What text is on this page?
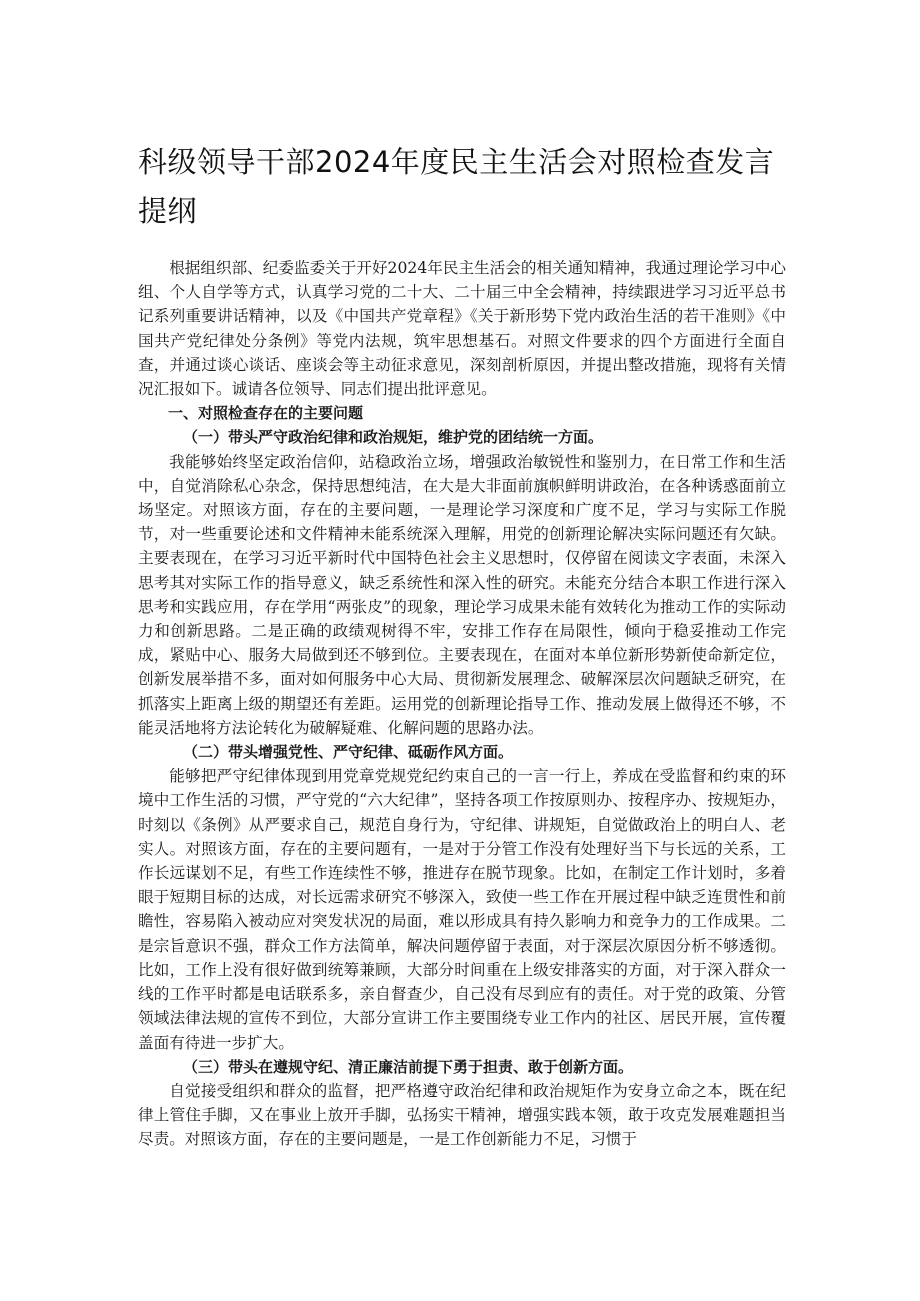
科级领导干部2024年度民主生活会对照检查发言提纲

根据组织部、纪委监委关于开好2024年民主生活会的相关通知精神，我通过理论学习中心组、个人自学等方式，认真学习党的二十大、二十届三中全会精神，持续跟进学习习近平总书记系列重要讲话精神，以及《中国共产党章程》《关于新形势下党内政治生活的若干准则》《中国共产党纪律处分条例》等党内法规，筑牢思想基石。对照文件要求的四个方面进行全面自查，并通过谈心谈话、座谈会等主动征求意见，深刻剖析原因，并提出整改措施，现将有关情况汇报如下。诚请各位领导、同志们提出批评意见。

一、对照检查存在的主要问题

（一）带头严守政治纪律和政治规矩，维护党的团结统一方面。

我能够始终坚定政治信仰，站稳政治立场，增强政治敏锐性和鉴别力，在日常工作和生活中，自觉消除私心杂念，保持思想纯洁，在大是大非面前旗帜鲜明讲政治，在各种诱惑面前立场坚定。对照该方面，存在的主要问题，一是理论学习深度和广度不足，学习与实际工作脱节，对一些重要论述和文件精神未能系统深入理解，用党的创新理论解决实际问题还有欠缺。主要表现在，在学习习近平新时代中国特色社会主义思想时，仅停留在阅读文字表面，未深入思考其对实际工作的指导意义，缺乏系统性和深入性的研究。未能充分结合本职工作进行深入思考和实践应用，存在学用“两张皮”的现象，理论学习成果未能有效转化为推动工作的实际动力和创新思路。二是正确的政绩观树得不牢，安排工作存在局限性，倾向于稳妥推动工作完成，紧贴中心、服务大局做到还不够到位。主要表现在，在面对本单位新形势新使命新定位，创新发展举措不多，面对如何服务中心大局、贯彻新发展理念、破解深层次问题缺乏研究，在抓落实上距离上级的期望还有差距。运用党的创新理论指导工作、推动发展上做得还不够，不能灵活地将方法论转化为破解疑难、化解问题的思路办法。

（二）带头增强党性、严守纪律、砥砺作风方面。

能够把严守纪律体现到用党章党规党纪约束自己的一言一行上，养成在受监督和约束的环境中工作生活的习惯，严守党的“六大纪律”，坚持各项工作按原则办、按程序办、按规矩办，时刻以《条例》从严要求自己，规范自身行为，守纪律、讲规矩，自觉做政治上的明白人、老实人。对照该方面，存在的主要问题有，一是对于分管工作没有处理好当下与长远的关系，工作长远谋划不足，有些工作连续性不够，推进存在脱节现象。比如，在制定工作计划时，多着眼于短期目标的达成，对长远需求研究不够深入，致使一些工作在开展过程中缺乏连贯性和前瞻性，容易陷入被动应对突发状况的局面，难以形成具有持久影响力和竞争力的工作成果。二是宗旨意识不强，群众工作方法简单，解决问题停留于表面，对于深层次原因分析不够透彻。比如，工作上没有很好做到统筹兼顾，大部分时间重在上级安排落实的方面，对于深入群众一线的工作平时都是电话联系多，亲自督查少，自己没有尽到应有的责任。对于党的政策、分管领域法律法规的宣传不到位，大部分宣讲工作主要围绕专业工作内的社区、居民开展，宣传覆盖面有待进一步扩大。

（三）带头在遵规守纪、清正廉洁前提下勇于担责、敢于创新方面。

自觉接受组织和群众的监督，把严格遵守政治纪律和政治规矩作为安身立命之本，既在纪律上管住手脚，又在事业上放开手脚，弘扬实干精神，增强实践本领，敢于攻克发展难题担当尽责。对照该方面，存在的主要问题是，一是工作创新能力不足，习惯于
